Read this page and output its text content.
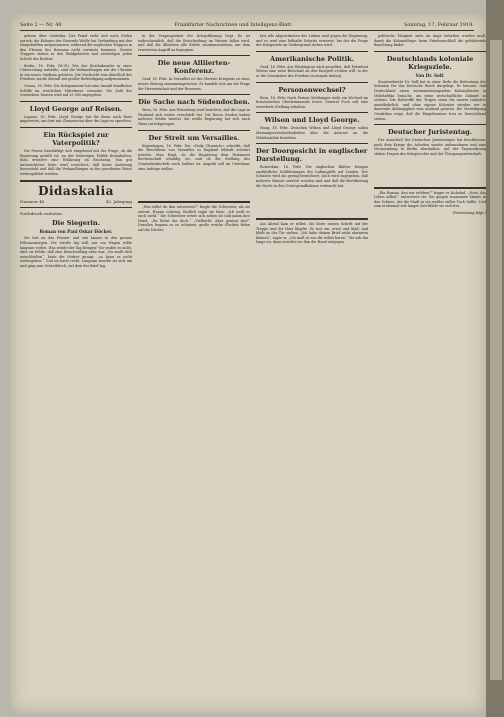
Seite 2 — Nr. 48	Frankfurter Nachrichten und Intelligenz-Blatt	Sonntag, 17. Februar 1918.

gebens über Ostafrika. Der Feind zieht sich nach Süden zurück; die Kolonne des Generals Wahle hat Verbindung mit den Hauptkräften aufgenommen, während die englischen Truppen in den Ebenen des Rowuma nicht vorwärts kommen. Unsere Truppen stehen in den Waldgebieten und verteidigen jeden Schritt des Bodens.

Berlin, 16. Febr. (W.-B.) Wie der Reichskanzler in einer Unterredung mitteilte, sind die Verhandlungen mit der Ukraine in ein neues Stadium getreten. Die Nachricht vom Abschluß des Friedens wurde überall mit großer Befriedigung aufgenommen.

Genua, 16. Febr. Die Kriegsmarine hat eine Anzahl feindlicher Schiffe im westlichen Mittelmeer versenkt. Die Zahl der versenkten Tonnen wird auf 25 000 angegeben.

Lloyd George auf Reisen.

Lugano, 16. Febr. Lloyd George hat die Reise nach Paris angetreten, um dort mit Clemenceau über die Lage zu sprechen.

Ein Rückspiel zur Vaterpolitik?

Die Presse beschäftigt sich eingehend mit der Frage, ob die Regierung gewillt ist, an der bisherigen Politik festzuhalten. Man erwartet eine Erklärung im Reichstag. Von gut unterrichteter Seite wird versichert, daß keine Änderung bevorsteht und daß die Verhandlungen in der gewohnten Weise weitergeführt werden.

Didaskalia
Nummer 48	42. Jahrgang
Nachdruck verboten.
Die Siegerin.
Roman von Paul Oskar Höcker.

Sie trat an das Fenster und sah hinaus in den grauen Februarmorgen. Die Straße lag still, nur ein Wagen rollte langsam vorbei. Was würde der Tag bringen? Sie wußte es nicht, aber sie fühlte, daß eine Entscheidung nahe war. „Du mußt dich entschließen“, hatte die Mutter gesagt, „so kann es nicht weitergehen.“ Und sie hatte recht. Langsam wandte sie sich um und ging zum Schreibtisch, auf dem der Brief lag.

in der Vergangenheit der Kriegsführung liegt. Es ist wahrscheinlich, daß die Entscheidung im Westen fallen wird, und daß die Alliierten alle Kräfte zusammenziehen, um dem erwarteten Angriff zu begegnen.

Die neue Alliierten-Konferenz.

Genf, 16. Febr. In Versailles ist der Oberste Kriegsrat zu einer neuen Sitzung zusammengetreten. Es handelt sich um die Frage der Heereseinheit und der Reserven.

Die Sache nach Südendochen.

Wien, 16. Febr. Aus Petersburg wird berichtet, daß die Lage in Finnland sich weiter verschärft hat. Die Roten Garden haben mehrere Städte besetzt, die weiße Regierung hat sich nach Wasa zurückgezogen.

Der Streit um Versailles.

Kopenhagen, 16. Febr. Der »Daily Chronicle« schreibt, daß die Beschlüsse von Versailles in England lebhaft erörtert werden. Man fragt, ob die Regierung dem Parlament Rechenschaft schuldig sei, und ob die Stellung des Generalstabschefs noch haltbar ist. Asquith soll im Unterhaus eine Anfrage stellen.

„Was willst du ihm antworten?“ fragte die Schwester, als sie eintrat. Hanna schwieg. Endlich sagte sie leise: „Ich weiß es noch nicht.“ Die Schwester setzte sich neben sie und nahm ihre Hand. „Du liebst ihn doch.“ „Vielleicht. Aber genügt das?“ Draußen begann es zu schneien, große weiche Flocken fielen auf die Dächer.

fast alle Abgeordneten der Linken sind gegen die Regierung, und es wird eine lebhafte Debatte erwartet, bei der die Frage der Kriegsziele im Vordergrund stehen wird.

Amerikanische Politik.

Genf, 16. Febr. Aus Washington wird gemeldet, daß Präsident Wilson eine neue Botschaft an den Kongreß richten will, in der er die Grundsätze des Friedens nochmals darlegt.

Personenwechsel?

Bern, 16. Febr. Nach Pariser Meldungen steht ein Wechsel im französischen Oberkommando bevor. General Foch soll eine erweiterte Stellung erhalten.

Wilson und Lloyd George.

Haag, 16. Febr. Zwischen Wilson und Lloyd George sollen Meinungsverschiedenheiten über die Antwort an die Mittelmächte bestehen.

Der Doorgesicht in englischer Darstellung.

Rotterdam, 16. Febr. Die englischen Blätter bringen ausführliche Schilderungen des Luftangriffs auf London. Der Schaden wird als gering bezeichnet, doch wird zugegeben, daß mehrere Häuser zerstört worden sind und daß die Bevölkerung die Nacht in den Untergrundbahnen verbracht hat.

Am Abend kam er selbst. Sie hörte seinen Schritt auf der Treppe und ihr Herz klopfte. Er trat ein, ernst und blaß, und blieb an der Tür stehen. „Ich habe deinen Brief nicht abwarten können“, sagte er. „Ich muß es von dir selbst hören.“ Sie sah ihn lange an, dann streckte sie ihm die Hand entgegen.

politische Tätigkeit stets im Auge behalten werden muß, damit die Kolonialfrage beim Friedensschluß die gebührende Beachtung findet.

Deutschlands koloniale Kriegsziele.
Von Dr. Solf.

Staatssekretär Dr. Solf hat in einer Rede die Bedeutung der Kolonien für das Deutsche Reich dargelegt. Er betonte, daß Deutschland einen zusammenhängenden Kolonialbesitz in Mittelafrika brauche, um seine wirtschaftliche Zukunft zu sichern. Die Rohstoffe der Tropen seien für unsere Industrie unentbehrlich, und ohne eigene Kolonien würden wir in dauernde Abhängigkeit vom Ausland geraten. Die Verteidigung Ostafrikas zeige, daß die Eingeborenen treu zu Deutschland stehen.

Deutscher Juristentag.

Der Ausschuß des Deutschen Juristentages hat beschlossen, nach dem Kriege die Arbeiten wieder aufzunehmen und eine Versammlung in Berlin abzuhalten. Auf der Tagesordnung stehen Fragen des Kriegsrechts und der Übergangswirtschaft.

„Ein Roman, den wir erleben?“ fragte er lächelnd. „Nein, das Leben selbst“, antwortete sie. Sie gingen zusammen hinaus in den Schnee, der die Stadt in ein weißes stilles Tuch hüllte. Und zum erstenmal seit langer Zeit fühlte sie sich frei.

(Fortsetzung folgt.)
